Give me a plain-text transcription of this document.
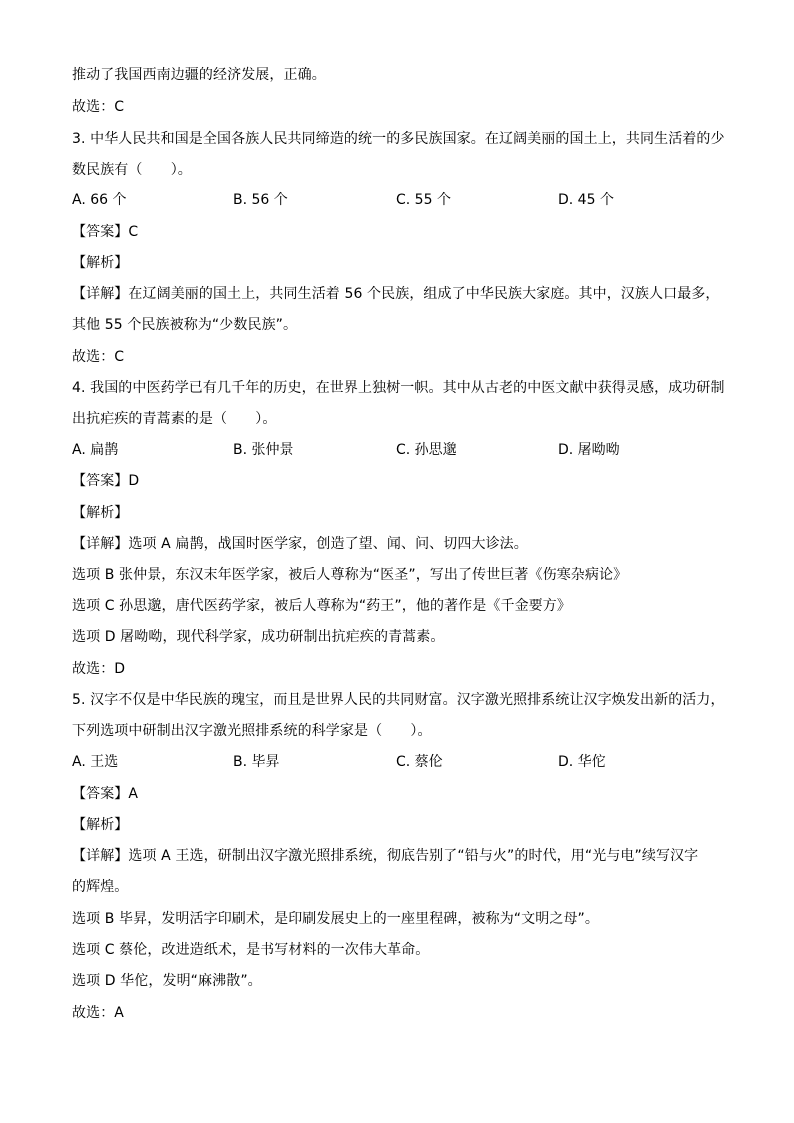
推动了我国西南边疆的经济发展，正确。
故选：C
3. 中华人民共和国是全国各族人民共同缔造的统一的多民族国家。在辽阔美丽的国土上，共同生活着的少
数民族有（　　）。
A. 66 个	B. 56 个	C. 55 个	D. 45 个
【答案】C
【解析】
【详解】在辽阔美丽的国土上，共同生活着 56 个民族，组成了中华民族大家庭。其中，汉族人口最多，
其他 55 个民族被称为“少数民族”。
故选：C
4. 我国的中医药学已有几千年的历史，在世界上独树一帜。其中从古老的中医文献中获得灵感，成功研制
出抗疟疾的青蒿素的是（　　）。
A. 扁鹊	B. 张仲景	C. 孙思邈	D. 屠呦呦
【答案】D
【解析】
【详解】选项 A 扁鹊，战国时医学家，创造了望、闻、问、切四大诊法。
选项 B 张仲景，东汉末年医学家，被后人尊称为“医圣”，写出了传世巨著《伤寒杂病论》
选项 C 孙思邈，唐代医药学家，被后人尊称为“药王”，他的著作是《千金要方》
选项 D 屠呦呦，现代科学家，成功研制出抗疟疾的青蒿素。
故选：D
5. 汉字不仅是中华民族的瑰宝，而且是世界人民的共同财富。汉字激光照排系统让汉字焕发出新的活力，
下列选项中研制出汉字激光照排系统的科学家是（　　）。
A. 王选	B. 毕昇	C. 蔡伦	D. 华佗
【答案】A
【解析】
【详解】选项 A 王选，研制出汉字激光照排系统，彻底告别了“铅与火”的时代，用“光与电”续写汉字
的辉煌。
选项 B 毕昇，发明活字印刷术，是印刷发展史上的一座里程碑，被称为“文明之母”。
选项 C 蔡伦，改进造纸术，是书写材料的一次伟大革命。
选项 D 华佗，发明“麻沸散”。
故选：A
